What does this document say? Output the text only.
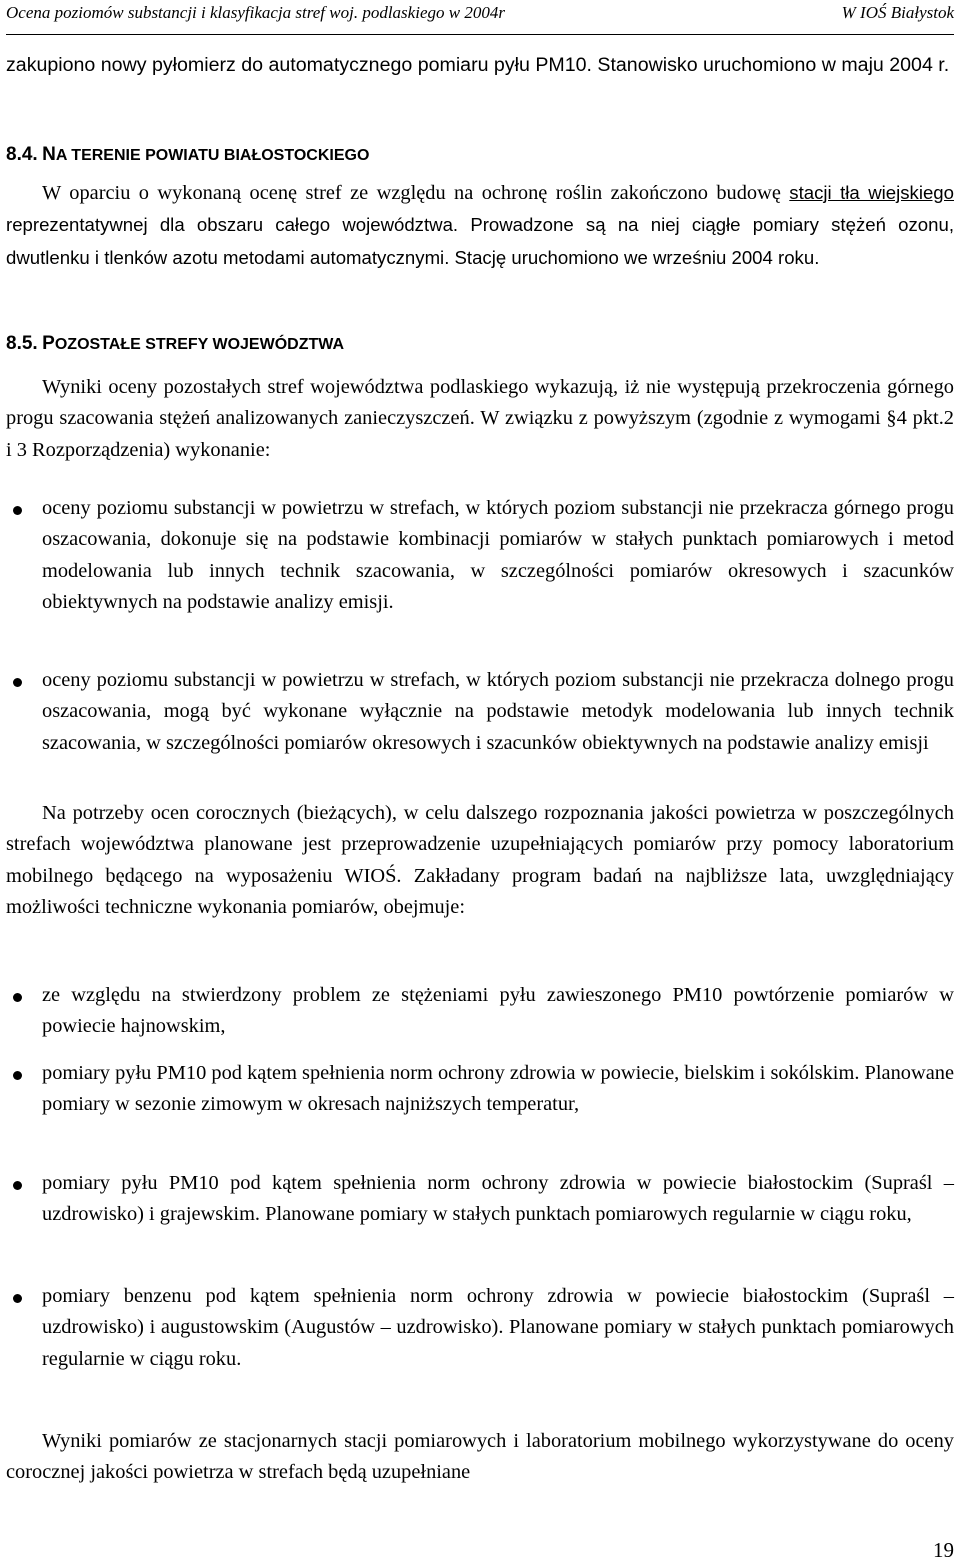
Ocena poziomów substancji i klasyfikacja stref woj. podlaskiego w 2004r	W IOŚ Białystok
zakupiono nowy pyłomierz do automatycznego pomiaru pyłu PM10. Stanowisko uruchomiono w maju 2004 r.
8.4. NA TERENIE POWIATU BIAŁOSTOCKIEGO
W oparciu o wykonaną ocenę stref ze względu na ochronę roślin zakończono budowę stacji tła wiejskiego reprezentatywnej dla obszaru całego województwa. Prowadzone są na niej ciągłe pomiary stężeń ozonu, dwutlenku i tlenków azotu metodami automatycznymi. Stację uruchomiono we wrześniu 2004 roku.
8.5. POZOSTAŁE STREFY WOJEWÓDZTWA
Wyniki oceny pozostałych stref województwa podlaskiego wykazują, iż nie występują przekroczenia górnego progu szacowania stężeń analizowanych zanieczyszczeń. W związku z powyższym (zgodnie z wymogami §4 pkt.2 i 3 Rozporządzenia) wykonanie:
oceny poziomu substancji w powietrzu w strefach, w których poziom substancji nie przekracza górnego progu oszacowania, dokonuje się na podstawie kombinacji pomiarów w stałych punktach pomiarowych i metod modelowania lub innych technik szacowania, w szczególności pomiarów okresowych i szacunków obiektywnych na podstawie analizy emisji.
oceny poziomu substancji w powietrzu w strefach, w których poziom substancji nie przekracza dolnego progu oszacowania, mogą być wykonane wyłącznie na podstawie metodyk modelowania lub innych technik szacowania, w szczególności pomiarów okresowych i szacunków obiektywnych na podstawie analizy emisji
Na potrzeby ocen corocznych (bieżących), w celu dalszego rozpoznania jakości powietrza w poszczególnych strefach województwa planowane jest przeprowadzenie uzupełniających pomiarów przy pomocy laboratorium mobilnego będącego na wyposażeniu WIOŚ. Zakładany program badań na najbliższe lata, uwzględniający możliwości techniczne wykonania pomiarów, obejmuje:
ze względu na stwierdzony problem ze stężeniami pyłu zawieszonego PM10 powtórzenie pomiarów w powiecie hajnowskim,
pomiary pyłu PM10 pod kątem spełnienia norm ochrony zdrowia w powiecie, bielskim i sokólskim. Planowane pomiary w sezonie zimowym w okresach najniższych temperatur,
pomiary pyłu PM10 pod kątem spełnienia norm ochrony zdrowia w powiecie białostockim (Supraśl – uzdrowisko) i grajewskim. Planowane pomiary w stałych punktach pomiarowych regularnie w ciągu roku,
pomiary benzenu pod kątem spełnienia norm ochrony zdrowia w powiecie białostockim (Supraśl – uzdrowisko) i augustowskim (Augustów – uzdrowisko). Planowane pomiary w stałych punktach pomiarowych regularnie w ciągu roku.
Wyniki pomiarów ze stacjonarnych stacji pomiarowych i laboratorium mobilnego wykorzystywane do oceny corocznej jakości powietrza w strefach będą uzupełniane
19
